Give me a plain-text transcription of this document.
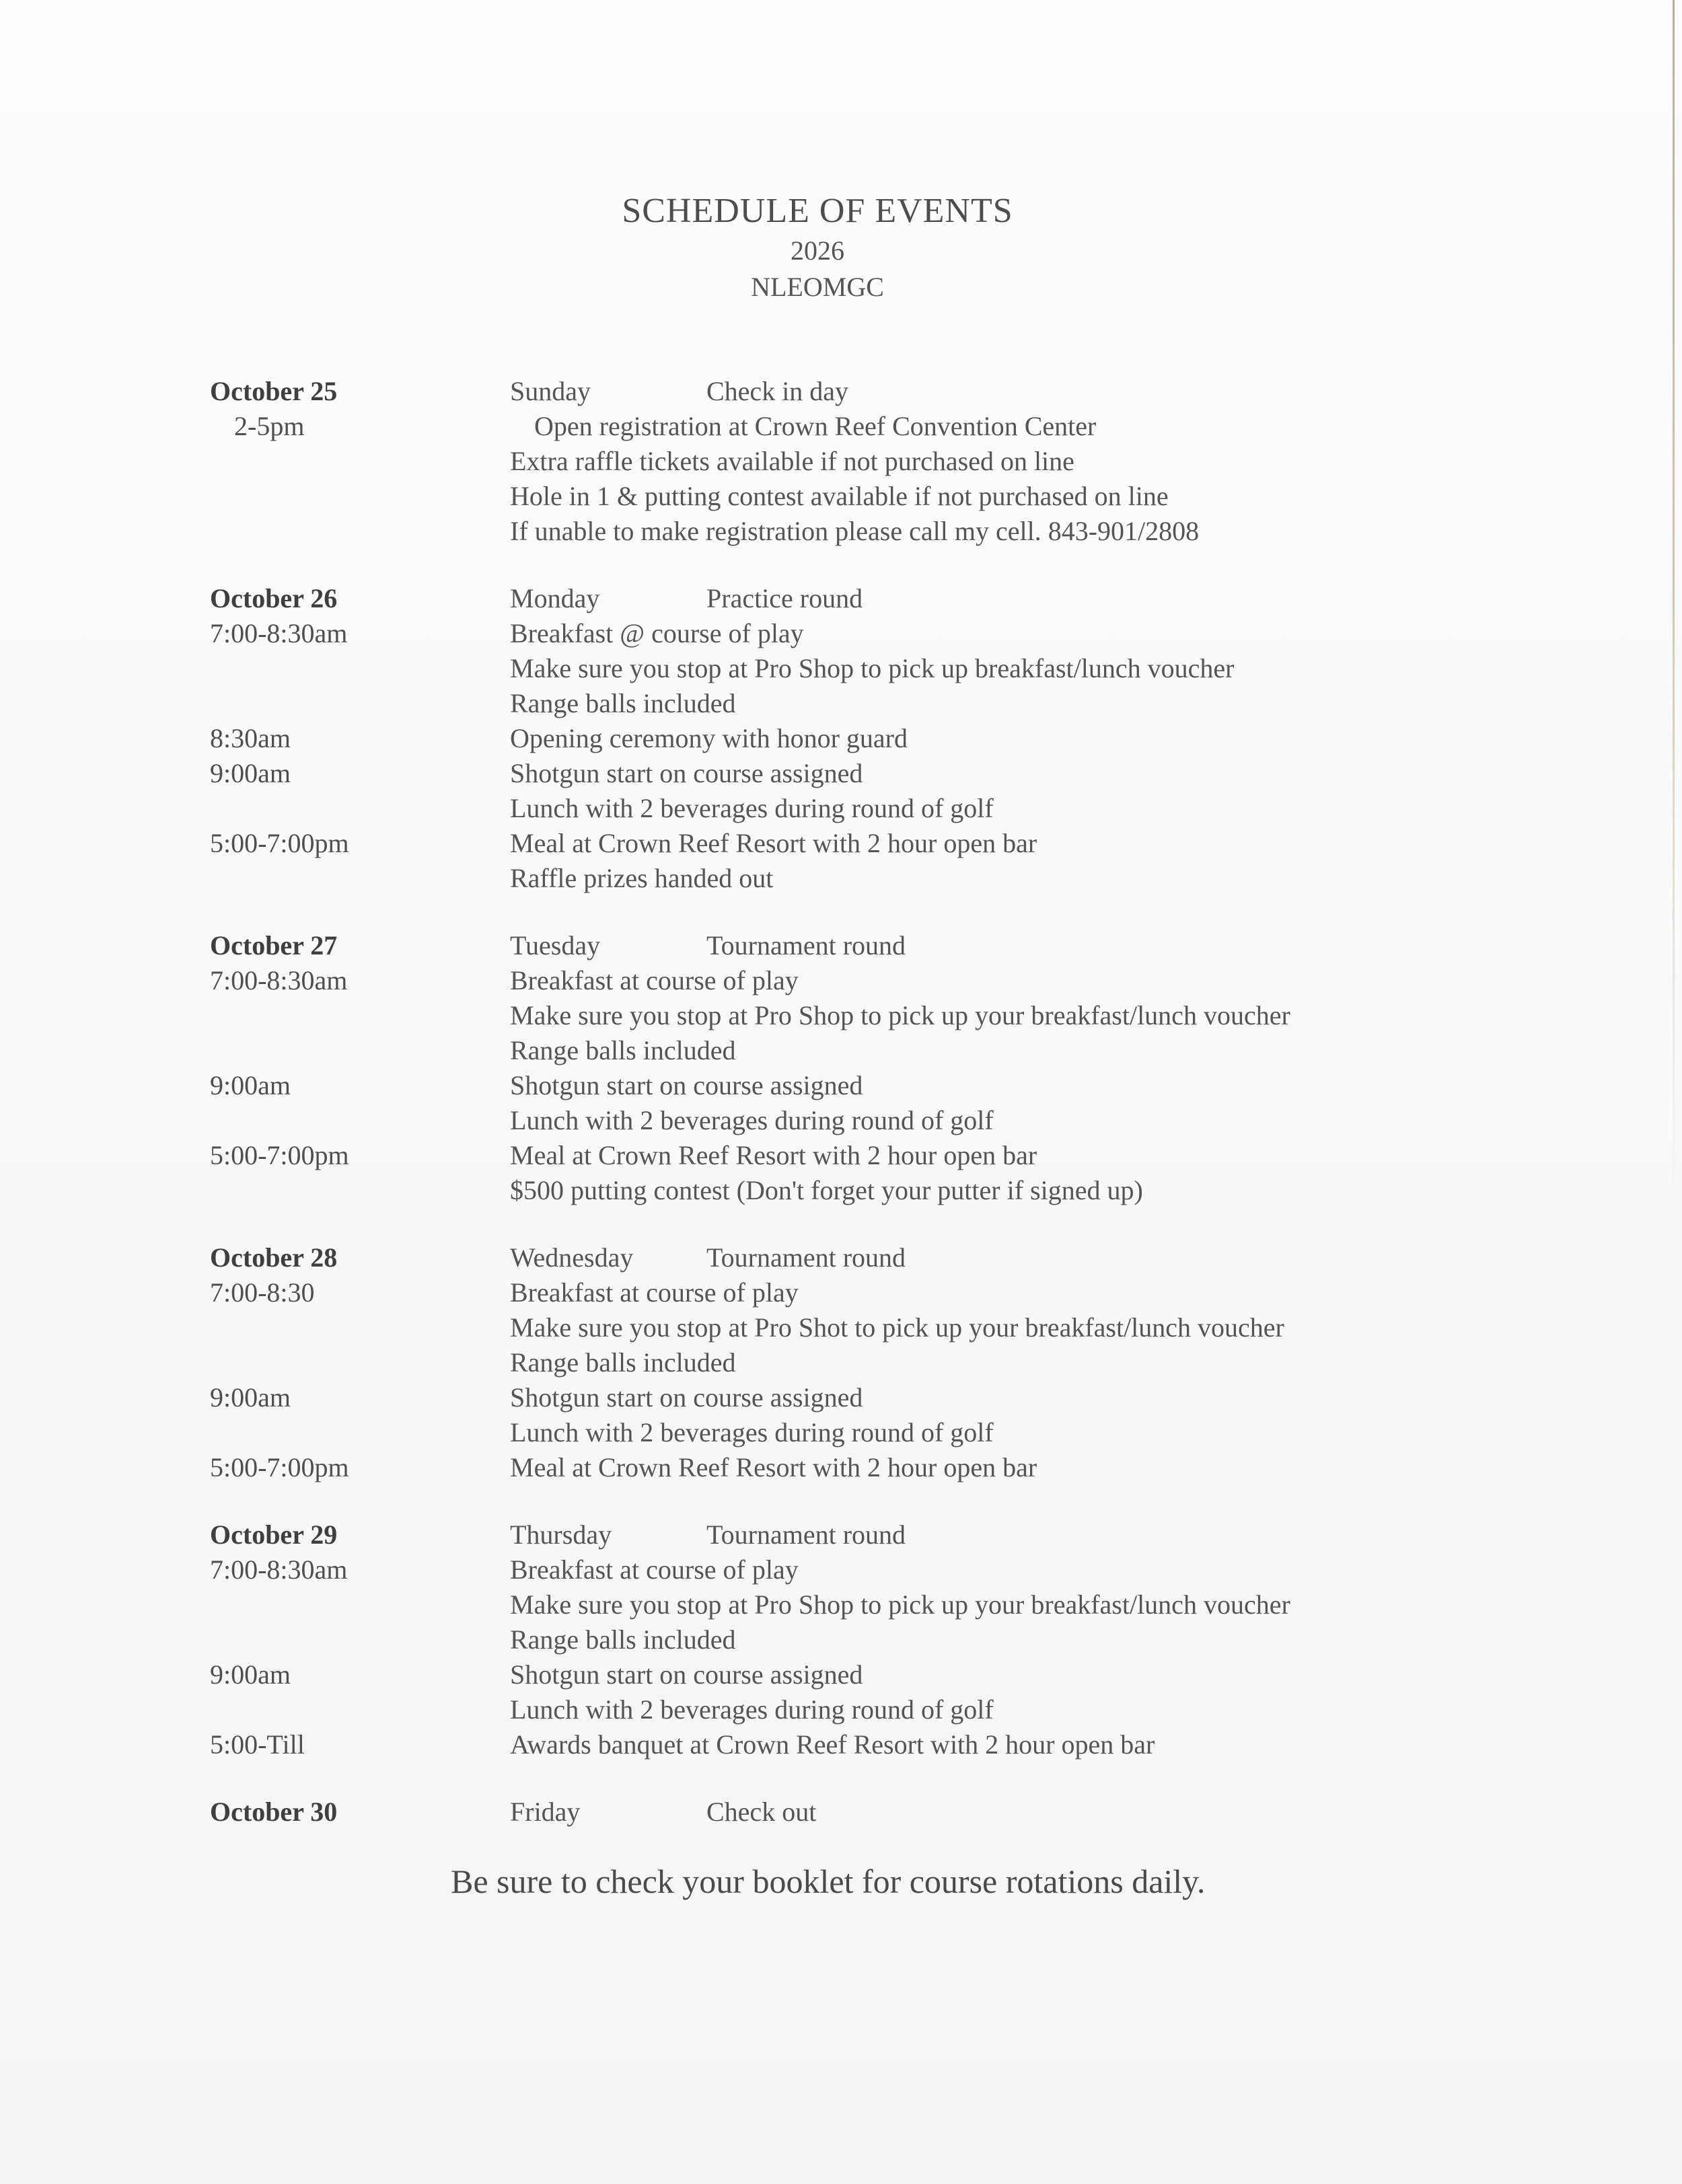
SCHEDULE OF EVENTS
2026
NLEOMGC
October 25	Sunday	Check in day
2-5pm	Open registration at Crown Reef Convention Center
Extra raffle tickets available if not purchased on line
Hole in 1 & putting contest available if not purchased on line
If unable to make registration please call my cell. 843-901/2808
October 26	Monday	Practice round
7:00-8:30am	Breakfast @ course of play
Make sure you stop at Pro Shop to pick up breakfast/lunch voucher
Range balls included
8:30am	Opening ceremony with honor guard
9:00am	Shotgun start on course assigned
Lunch with 2 beverages during round of golf
5:00-7:00pm	Meal at Crown Reef Resort with 2 hour open bar
Raffle prizes handed out
October 27	Tuesday	Tournament round
7:00-8:30am	Breakfast at course of play
Make sure you stop at Pro Shop to pick up your breakfast/lunch voucher
Range balls included
9:00am	Shotgun start on course assigned
Lunch with 2 beverages during round of golf
5:00-7:00pm	Meal at Crown Reef Resort with 2 hour open bar
$500 putting contest (Don't forget your putter if signed up)
October 28	Wednesday	Tournament round
7:00-8:30	Breakfast at course of play
Make sure you stop at Pro Shot to pick up your breakfast/lunch voucher
Range balls included
9:00am	Shotgun start on course assigned
Lunch with 2 beverages during round of golf
5:00-7:00pm	Meal at Crown Reef Resort with 2 hour open bar
October 29	Thursday	Tournament round
7:00-8:30am	Breakfast at course of play
Make sure you stop at Pro Shop to pick up your breakfast/lunch voucher
Range balls included
9:00am	Shotgun start on course assigned
Lunch with 2 beverages during round of golf
5:00-Till	Awards banquet at Crown Reef Resort with 2 hour open bar
October 30	Friday	Check out
Be sure to check your booklet for course rotations daily.
